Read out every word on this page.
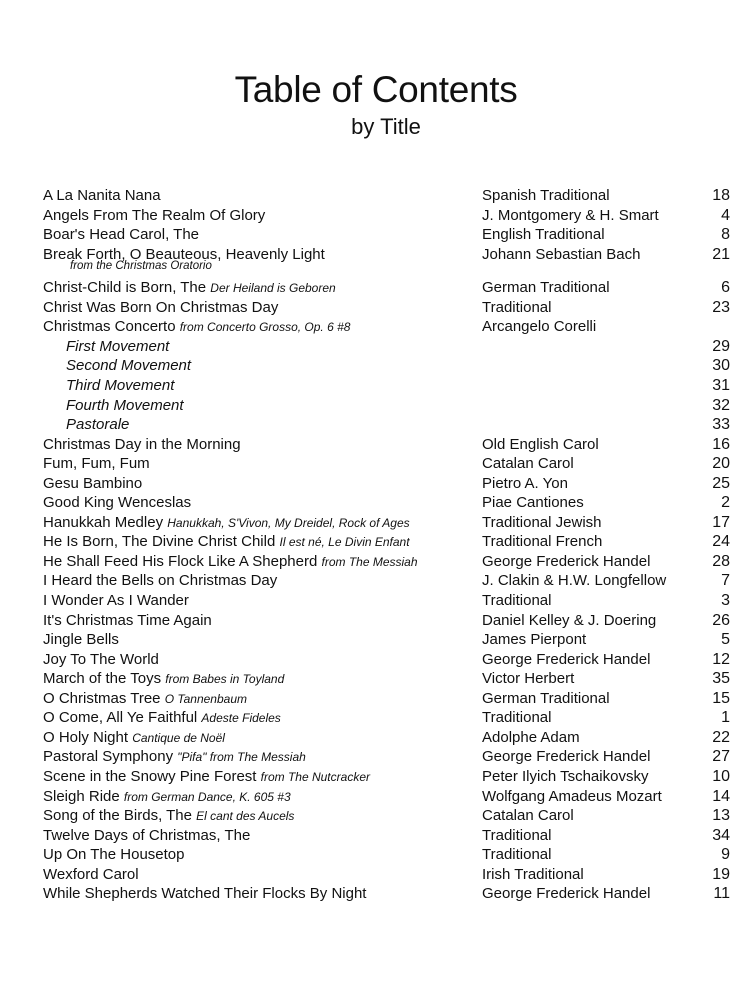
Table of Contents
by Title
A La Nanita Nana	Spanish Traditional	18
Angels From The Realm Of Glory	J. Montgomery & H. Smart	4
Boar's Head Carol, The	English Traditional	8
Break Forth, O Beauteous, Heavenly Light	Johann Sebastian Bach	21
from the Christmas Oratorio
Christ-Child is Born, The Der Heiland is Geboren	German Traditional	6
Christ Was Born On Christmas Day	Traditional	23
Christmas Concerto from Concerto Grosso, Op. 6 #8	Arcangelo Corelli
First Movement	29
Second Movement	30
Third Movement	31
Fourth Movement	32
Pastorale	33
Christmas Day in the Morning	Old English Carol	16
Fum, Fum, Fum	Catalan Carol	20
Gesu Bambino	Pietro A. Yon	25
Good King Wenceslas	Piae Cantiones	2
Hanukkah Medley Hanukkah, S'Vivon, My Dreidel, Rock of Ages	Traditional Jewish	17
He Is Born, The Divine Christ Child Il est né, Le Divin Enfant	Traditional French	24
He Shall Feed His Flock Like A Shepherd from The Messiah	George Frederick Handel	28
I Heard the Bells on Christmas Day	J. Clakin & H.W. Longfellow	7
I Wonder As I Wander	Traditional	3
It's Christmas Time Again	Daniel Kelley & J. Doering	26
Jingle Bells	James Pierpont	5
Joy To The World	George Frederick Handel	12
March of the Toys from Babes in Toyland	Victor Herbert	35
O Christmas Tree O Tannenbaum	German Traditional	15
O Come, All Ye Faithful Adeste Fideles	Traditional	1
O Holy Night Cantique de Noël	Adolphe Adam	22
Pastoral Symphony "Pifa" from The Messiah	George Frederick Handel	27
Scene in the Snowy Pine Forest from The Nutcracker	Peter Ilyich Tschaikovsky	10
Sleigh Ride from German Dance, K. 605 #3	Wolfgang Amadeus Mozart	14
Song of the Birds, The El cant des Aucels	Catalan Carol	13
Twelve Days of Christmas, The	Traditional	34
Up On The Housetop	Traditional	9
Wexford Carol	Irish Traditional	19
While Shepherds Watched Their Flocks By Night	George Frederick Handel	11
